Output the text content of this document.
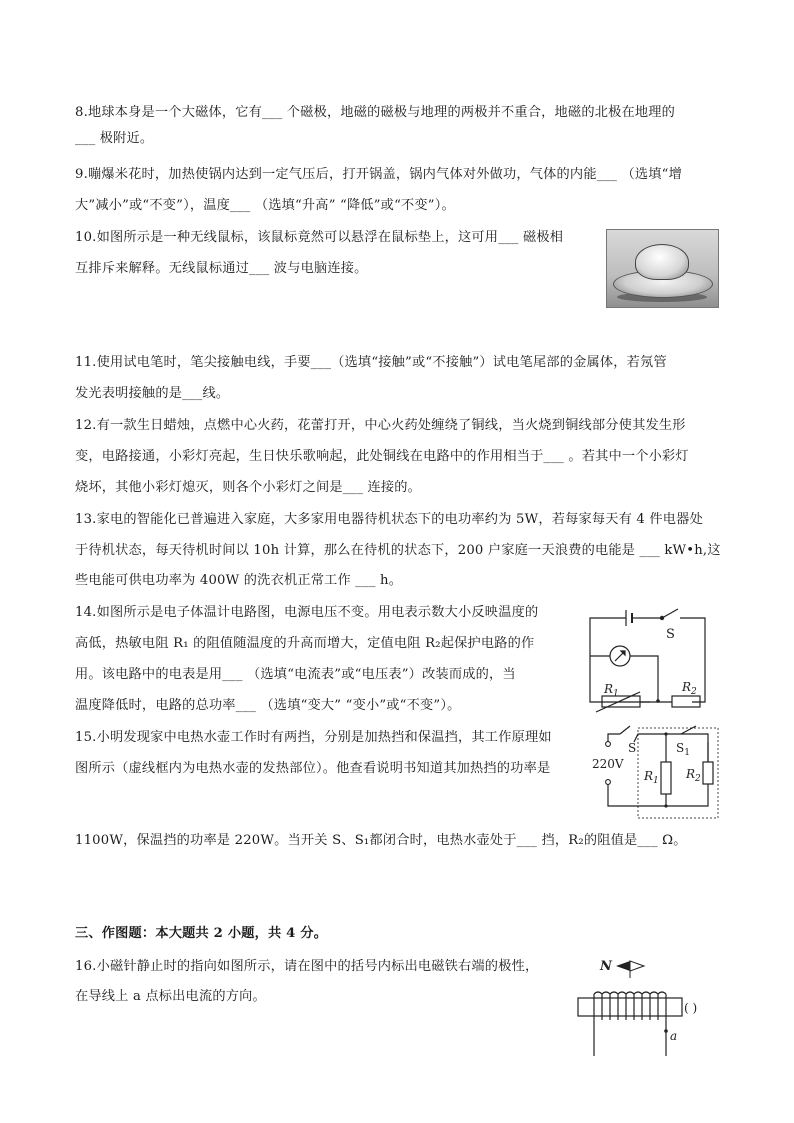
8.地球本身是一个大磁体，它有___ 个磁极，地磁的磁极与地理的两极并不重合，地磁的北极在地理的
___ 极附近。
9.嘣爆米花时，加热使锅内达到一定气压后，打开锅盖，锅内气体对外做功，气体的内能___ （选填“增
大”减小”或“不变”），温度___ （选填“升高” “降低”或“不变”）。
10.如图所示是一种无线鼠标，该鼠标竟然可以悬浮在鼠标垫上，这可用___ 磁极相
互排斥来解释。无线鼠标通过___ 波与电脑连接。
11.使用试电笔时，笔尖接触电线，手要___（选填“接触”或“不接触”）试电笔尾部的金属体，若氖管
发光表明接触的是___线。
12.有一款生日蜡烛，点燃中心火药，花蕾打开，中心火药处缠绕了铜线，当火烧到铜线部分使其发生形
变，电路接通，小彩灯亮起，生日快乐歌响起，此处铜线在电路中的作用相当于___ 。若其中一个小彩灯
烧坏，其他小彩灯熄灭，则各个小彩灯之间是___ 连接的。
13.家电的智能化已普遍进入家庭，大多家用电器待机状态下的电功率约为 5W，若每家每天有 4 件电器处
于待机状态，每天待机时间以 10h 计算，那么在待机的状态下，200 户家庭一天浪费的电能是 ___ kW•h,这
些电能可供电功率为 400W 的洗衣机正常工作 ___ h。
14.如图所示是电子体温计电路图，电源电压不变。用电表示数大小反映温度的
高低，热敏电阻 R₁ 的阻值随温度的升高而增大，定值电阻 R₂起保护电路的作
用。该电路中的电表是用___ （选填“电流表”或“电压表”）改装而成的，当
温度降低时，电路的总功率___ （选填“变大” “变小”或“不变”）。
S
$R_1$	$R_2$
15.小明发现家中电热水壶工作时有两挡，分别是加热挡和保温挡，其工作原理如
图所示（虚线框内为电热水壶的发热部位）。他查看说明书知道其加热挡的功率是
1100W，保温挡的功率是 220W。当开关 S、S₁都闭合时，电热水壶处于___ 挡，R₂的阻值是___ Ω。
S	$S_1$
220V
$R_1$ $R_2$
三、作图题：本大题共 2 小题，共 4 分。
16.小磁针静止时的指向如图所示，请在图中的括号内标出电磁铁右端的极性，
在导线上 a 点标出电流的方向。
N
a
( )
